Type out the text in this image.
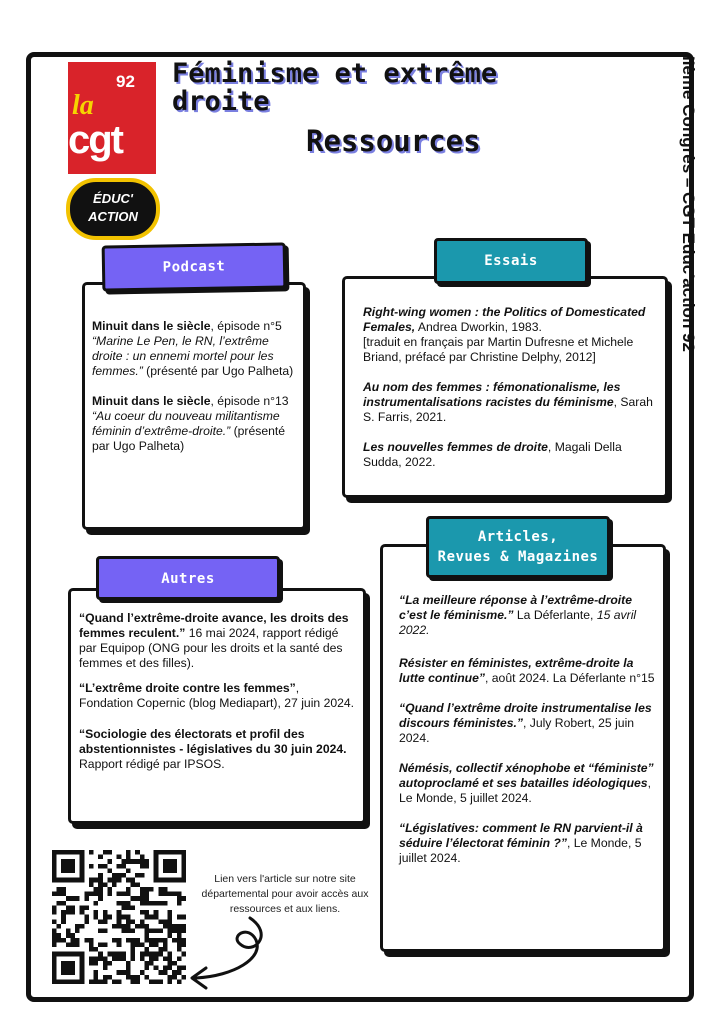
92
la
cgt
ÉDUC'
ACTION
Féminisme et extrême droite
Ressources	IIème Congrès – CGT Educ'action 92

Minuit dans le siècle, épisode n°5
“Marine Le Pen, le RN, l’extrême droite : un ennemi mortel pour les femmes.” (présenté par Ugo Palheta)

Minuit dans le siècle, épisode n°13
“Au coeur du nouveau militantisme féminin d’extrême-droite.” (présenté par Ugo Palheta)

Podcast

Right-wing women : the Politics of Domesticated Females, Andrea Dworkin, 1983.
[traduit en français par Martin Dufresne et Michele Briand, préfacé par Christine Delphy, 2012]

Au nom des femmes : fémonationalisme, les instrumentalisations racistes du féminisme, Sarah S. Farris, 2021.

Les nouvelles femmes de droite, Magali Della Sudda, 2022.

Essais

“Quand l’extrême-droite avance, les droits des femmes reculent.” 16 mai 2024, rapport rédigé par Equipop (ONG pour les droits et la santé des femmes et des filles).

“L’extrême droite contre les femmes”, Fondation Copernic (blog Mediapart), 27 juin 2024.

“Sociologie des électorats et profil des abstentionnistes - législatives du 30 juin 2024. Rapport rédigé par IPSOS.

Autres

“La meilleure réponse à l’extrême-droite c’est le féminisme.” La Déferlante, 15 avril 2022.

Résister en féministes, extrême-droite la lutte continue”, août 2024. La Déferlante n°15

“Quand l’extrême droite instrumentalise les discours féministes.”, July Robert, 25 juin 2024.

Némésis, collectif xénophobe et “féministe” autoproclamé et ses batailles idéologiques, Le Monde, 5 juillet 2024.

“Législatives: comment le RN parvient-il à séduire l’électorat féminin ?”, Le Monde, 5 juillet 2024.

Articles,
Revues & Magazines
Lien vers l'article sur notre site départemental pour avoir accès aux ressources et aux liens.
